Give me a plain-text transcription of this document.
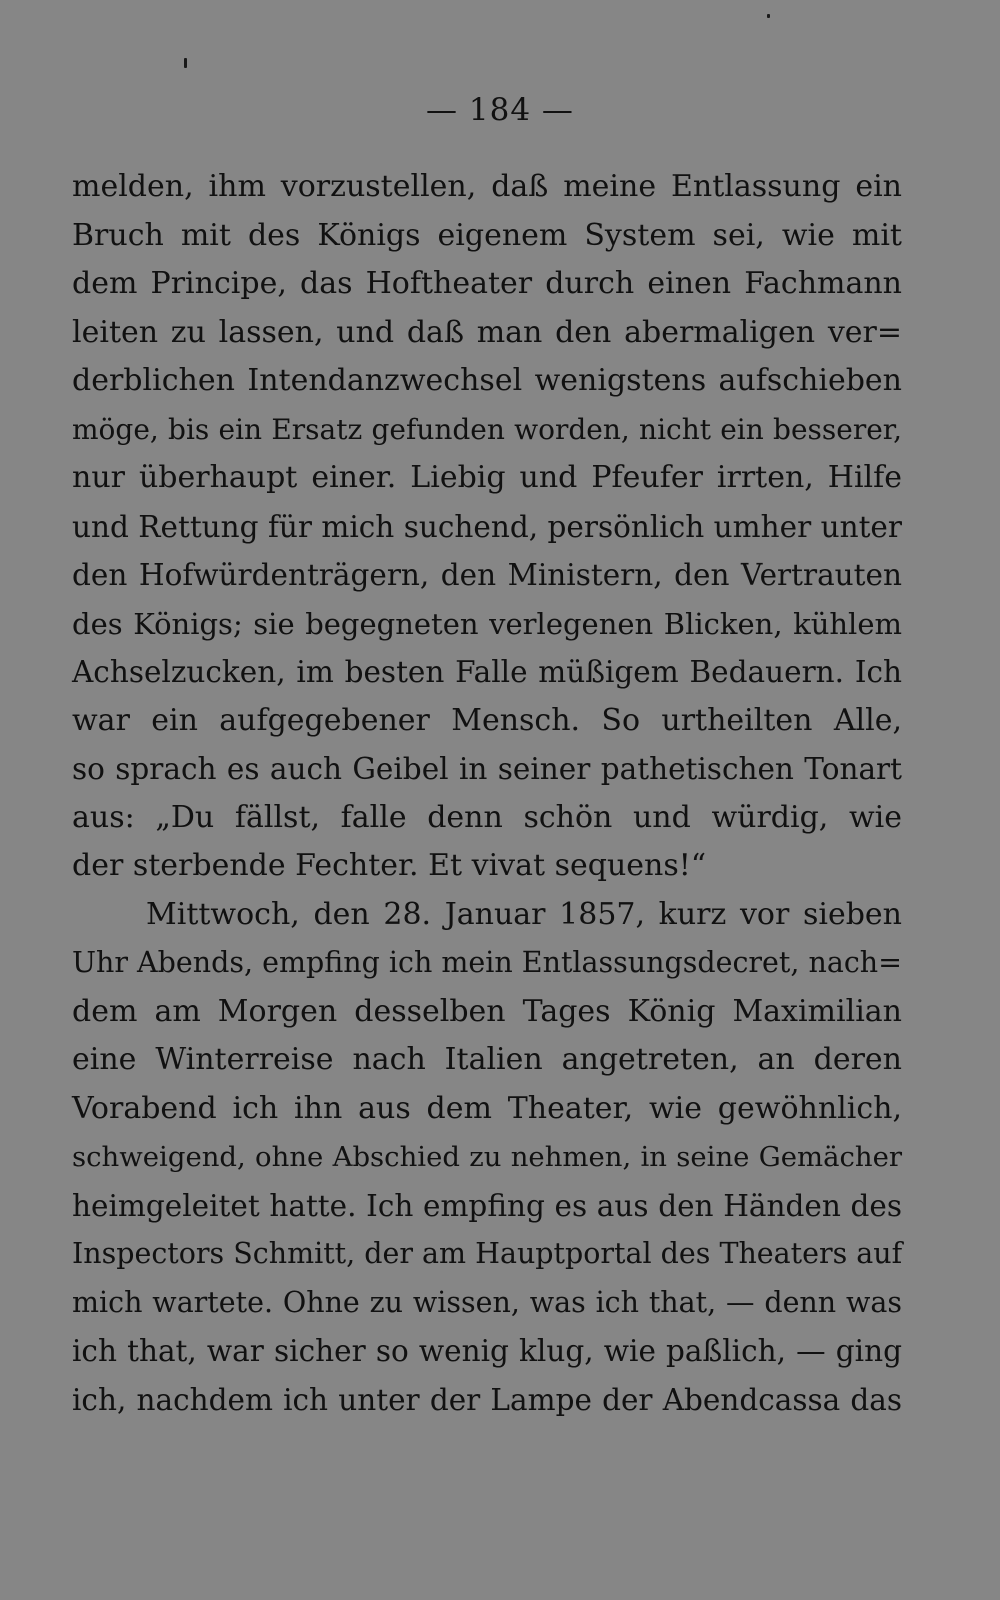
— 184 —
melden, ihm vorzustellen, daß meine Entlassung ein
Bruch mit des Königs eigenem System sei, wie mit
dem Principe, das Hoftheater durch einen Fachmann
leiten zu lassen, und daß man den abermaligen ver=
derblichen Intendanzwechsel wenigstens aufschieben
möge, bis ein Ersatz gefunden worden, nicht ein besserer,
nur überhaupt einer. Liebig und Pfeufer irrten, Hilfe
und Rettung für mich suchend, persönlich umher unter
den Hofwürdenträgern, den Ministern, den Vertrauten
des Königs; sie begegneten verlegenen Blicken, kühlem
Achselzucken, im besten Falle müßigem Bedauern. Ich
war ein aufgegebener Mensch. So urtheilten Alle,
so sprach es auch Geibel in seiner pathetischen Tonart
aus: „Du fällst, falle denn schön und würdig, wie
der sterbende Fechter. Et vivat sequens!“
Mittwoch, den 28. Januar 1857, kurz vor sieben
Uhr Abends, empfing ich mein Entlassungsdecret, nach=
dem am Morgen desselben Tages König Maximilian
eine Winterreise nach Italien angetreten, an deren
Vorabend ich ihn aus dem Theater, wie gewöhnlich,
schweigend, ohne Abschied zu nehmen, in seine Gemächer
heimgeleitet hatte. Ich empfing es aus den Händen des
Inspectors Schmitt, der am Hauptportal des Theaters auf
mich wartete. Ohne zu wissen, was ich that, — denn was
ich that, war sicher so wenig klug, wie paßlich, — ging
ich, nachdem ich unter der Lampe der Abendcassa das
